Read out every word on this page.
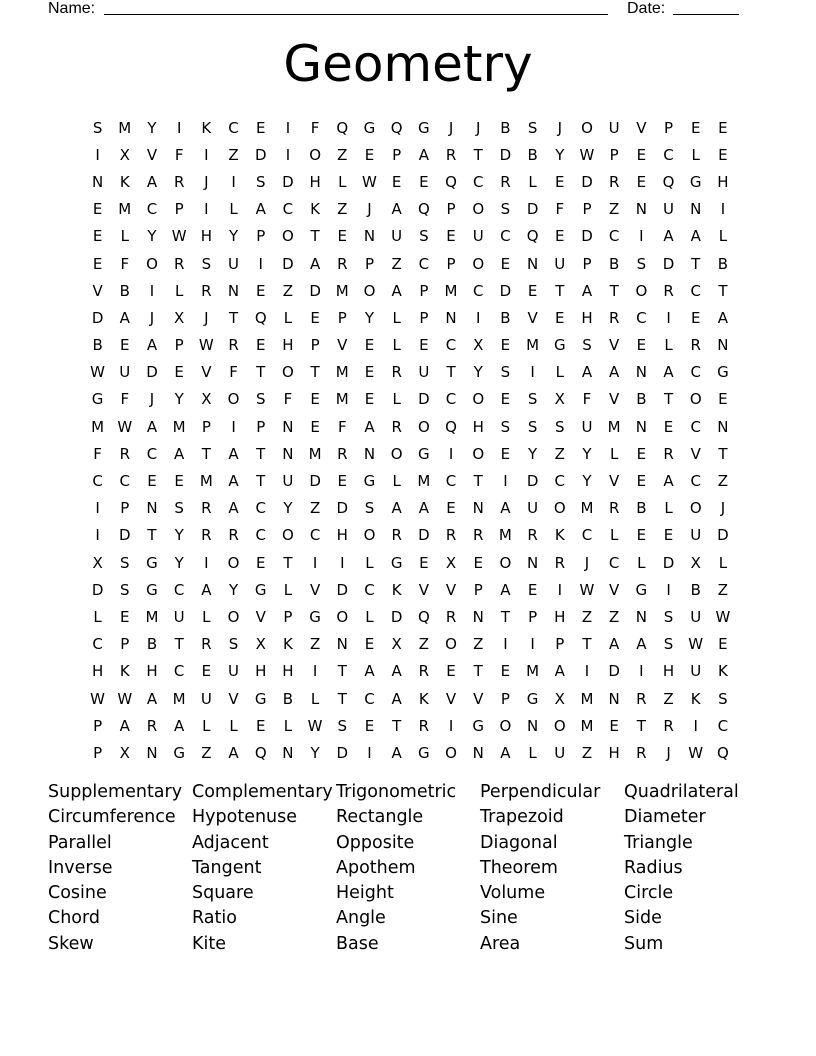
Name:	Date:
Geometry
S	M	Y	I	K	C	E	I	F	Q	G	Q	G	J	J	B	S	J	O	U	V	P	E	E
I	X	V	F	I	Z	D	I	O	Z	E	P	A	R	T	D	B	Y	W	P	E	C	L	E
N	K	A	R	J	I	S	D	H	L	W	E	E	Q	C	R	L	E	D	R	E	Q	G	H
E	M	C	P	I	L	A	C	K	Z	J	A	Q	P	O	S	D	F	P	Z	N	U	N	I
E	L	Y	W H	Y	P	O	T	E	N	U	S	E	U	C	Q	E	D	C	I	A	A	L
E	F	O	R	S	U	I	D	A	R	P	Z	C	P	O	E	N	U	P	B	S	D	T	B
V	B	I	L	R	N	E	Z	D M O	A	P	M	C	D	E	T	A	T	O	R	C	T
D	A	J	X	J	T	Q	L	E	P	Y	L	P	N	I	B	V	E	H	R	C	I	E	A
B	E	A	P	W R	E	H	P	V	E	L	E	C	X	E	M G	S	V	E	L	R	N
W U	D	E	V	F	T	O	T	M	E	R	U	T	Y	S	I	L	A	A	N	A	C	G
G	F	J	Y	X	O	S	F	E	M	E	L	D	C	O	E	S	X	F	V	B	T	O	E
M W A	M	P	I	P	N	E	F	A	R	O	Q	H	S	S	S	U	M	N	E	C	N
F	R	C	A	T	A	T	N	M	R	N	O	G	I	O	E	Y	Z	Y	L	E	R	V	T
C	C	E	E	M	A	T	U	D	E	G	L	M	C	T	I	D	C	Y	V	E	A	C	Z
I	P	N	S	R	A	C	Y	Z	D	S	A	A	E	N	A	U	O M	R	B	L	O	J
I	D	T	Y	R	R	C	O	C	H	O	R	D	R	R	M	R	K	C	L	E	E	U	D
X	S	G	Y	I	O	E	T	I	I	L	G	E	X	E	O	N	R	J	C	L	D	X	L
D	S	G	C	A	Y	G	L	V	D	C	K	V	V	P	A	E	I	W V	G	I	B	Z
L	E	M	U	L	O	V	P	G	O	L	D	Q	R	N	T	P	H	Z	Z	N	S	U W
C	P	B	T	R	S	X	K	Z	N	E	X	Z	O	Z	I	I	P	T	A	A	S	W	E
H	K	H	C	E	U	H	H	I	T	A	A	R	E	T	E	M	A	I	D	I	H	U	K
W W A	M	U	V	G	B	L	T	C	A	K	V	V	P	G	X	M	N	R	Z	K	S
P	A	R	A	L	L	E	L	W	S	E	T	R	I	G	O	N	O M	E	T	R	I	C
P	X	N	G	Z	A	Q	N	Y	D	I	A	G	O	N	A	L	U	Z	H	R	J	W Q
Supplementary Complementary Trigonometric	Perpendicular	Quadrilateral
Circumference Hypotenuse	Rectangle	Trapezoid	Diameter
Parallel	Adjacent	Opposite	Diagonal	Triangle
Inverse	Tangent	Apothem	Theorem	Radius
Cosine	Square	Height	Volume	Circle
Chord	Ratio	Angle	Sine	Side
Skew	Kite	Base	Area	Sum
